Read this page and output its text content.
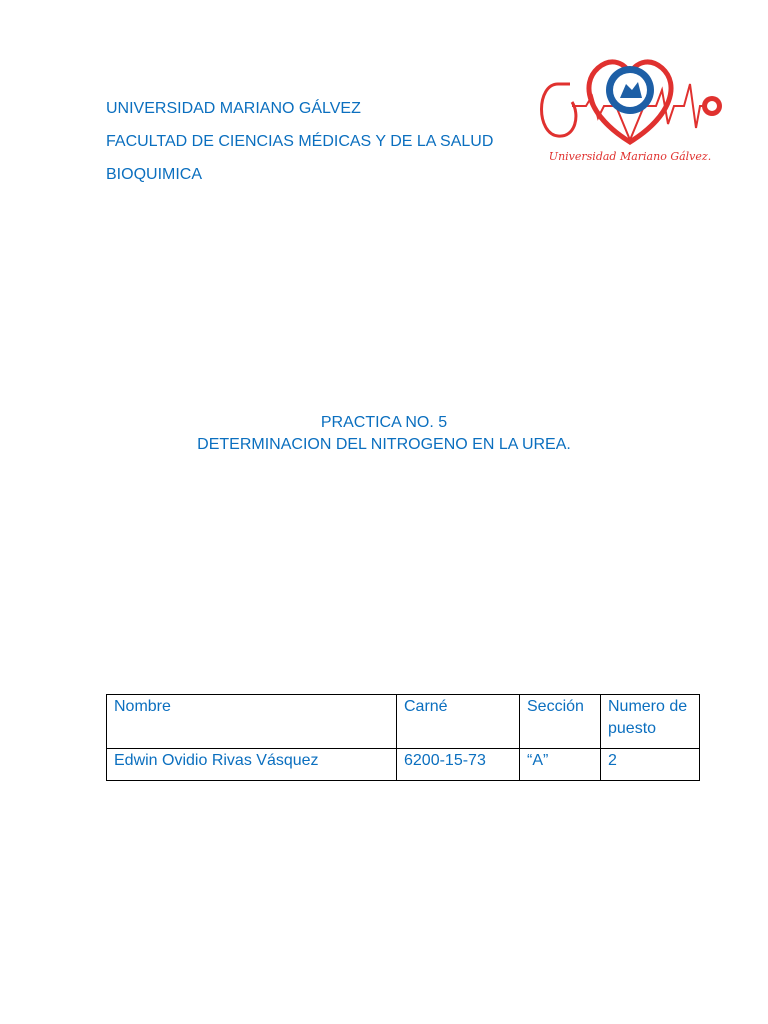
UNIVERSIDAD MARIANO GÁLVEZ
FACULTAD DE CIENCIAS MÉDICAS Y DE LA SALUD
BIOQUIMICA
Universidad Mariano Gálvez.
PRACTICA NO. 5
DETERMINACION DEL NITROGENO EN LA UREA.
Nombre	Carné	Sección	Numero de puesto
Edwin Ovidio Rivas Vásquez	6200-15-73	“A”	2
